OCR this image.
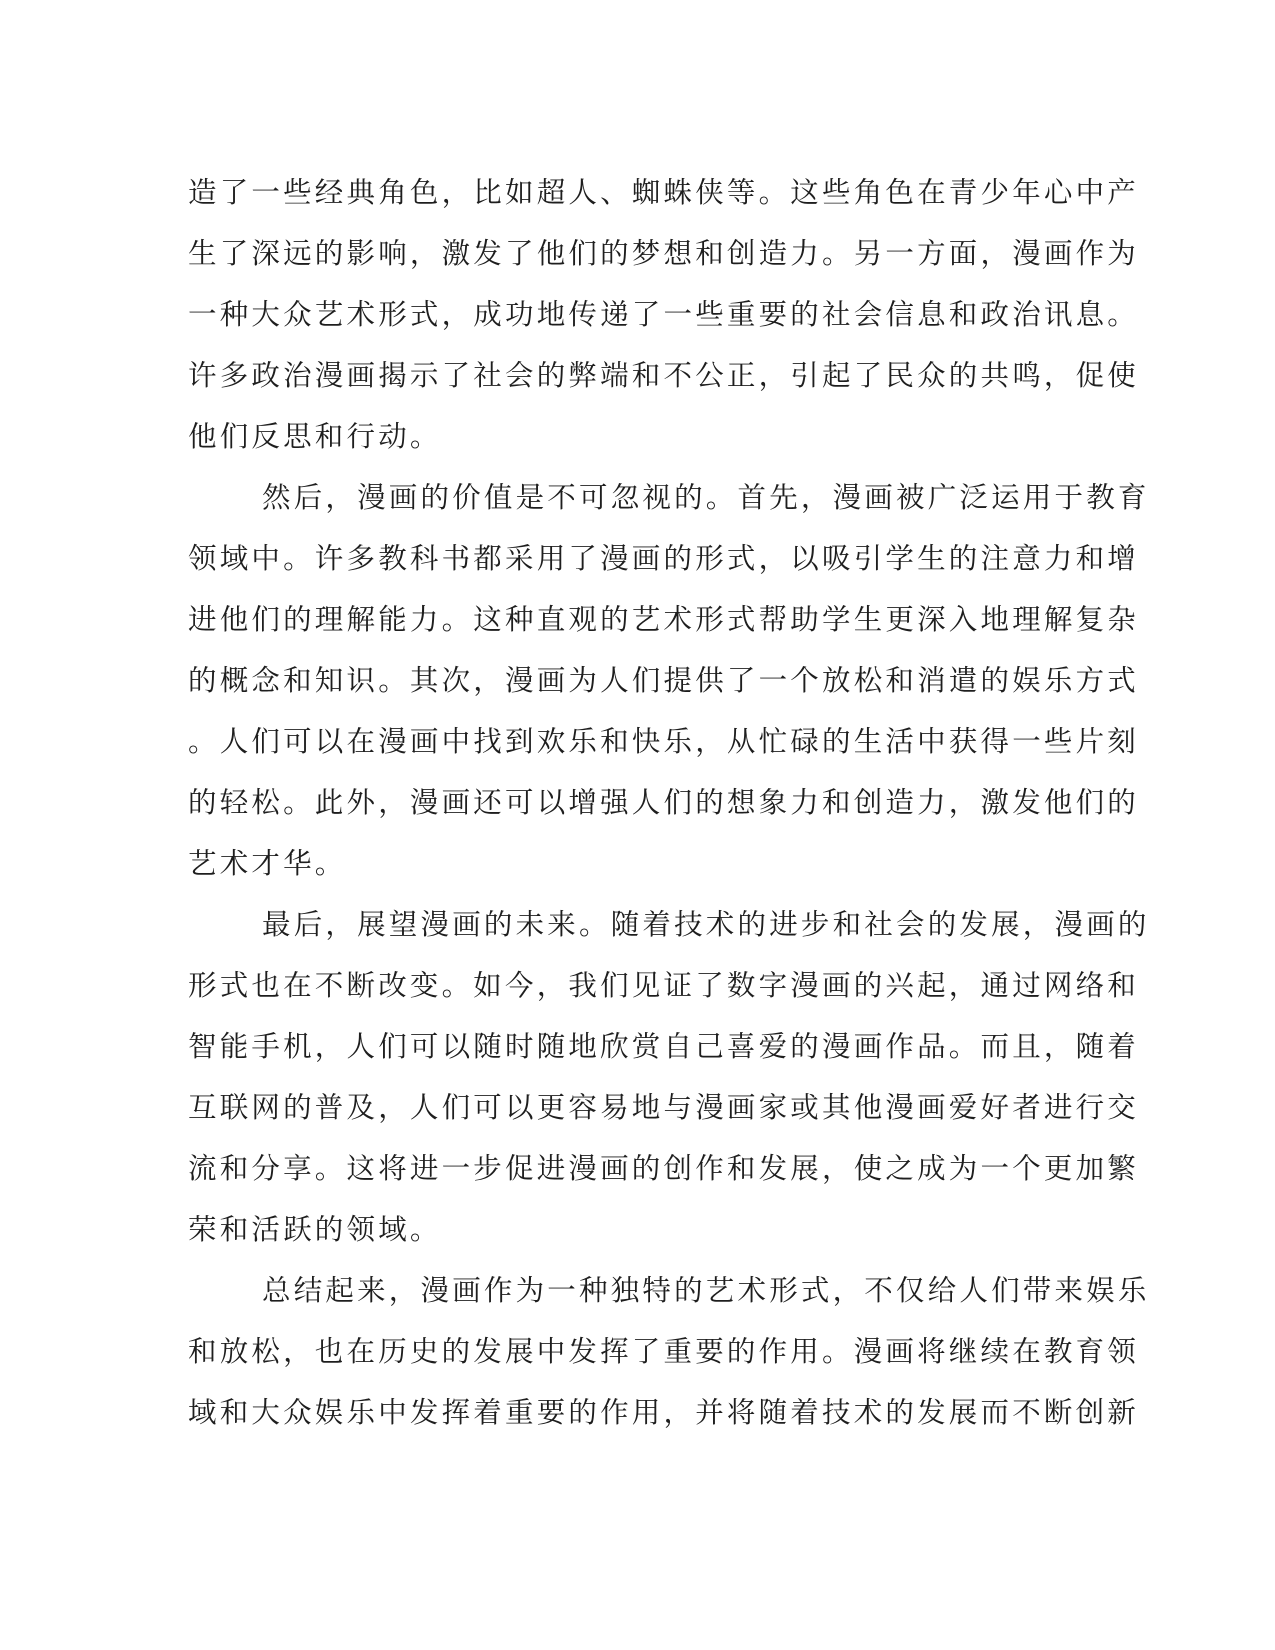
造了一些经典角色，比如超人、蜘蛛侠等。这些角色在青少年心中产
生了深远的影响，激发了他们的梦想和创造力。另一方面，漫画作为
一种大众艺术形式，成功地传递了一些重要的社会信息和政治讯息。
许多政治漫画揭示了社会的弊端和不公正，引起了民众的共鸣，促使
他们反思和行动。
然后，漫画的价值是不可忽视的。首先，漫画被广泛运用于教育
领域中。许多教科书都采用了漫画的形式，以吸引学生的注意力和增
进他们的理解能力。这种直观的艺术形式帮助学生更深入地理解复杂
的概念和知识。其次，漫画为人们提供了一个放松和消遣的娱乐方式
。人们可以在漫画中找到欢乐和快乐，从忙碌的生活中获得一些片刻
的轻松。此外，漫画还可以增强人们的想象力和创造力，激发他们的
艺术才华。
最后，展望漫画的未来。随着技术的进步和社会的发展，漫画的
形式也在不断改变。如今，我们见证了数字漫画的兴起，通过网络和
智能手机，人们可以随时随地欣赏自己喜爱的漫画作品。而且，随着
互联网的普及，人们可以更容易地与漫画家或其他漫画爱好者进行交
流和分享。这将进一步促进漫画的创作和发展，使之成为一个更加繁
荣和活跃的领域。
总结起来，漫画作为一种独特的艺术形式，不仅给人们带来娱乐
和放松，也在历史的发展中发挥了重要的作用。漫画将继续在教育领
域和大众娱乐中发挥着重要的作用，并将随着技术的发展而不断创新
